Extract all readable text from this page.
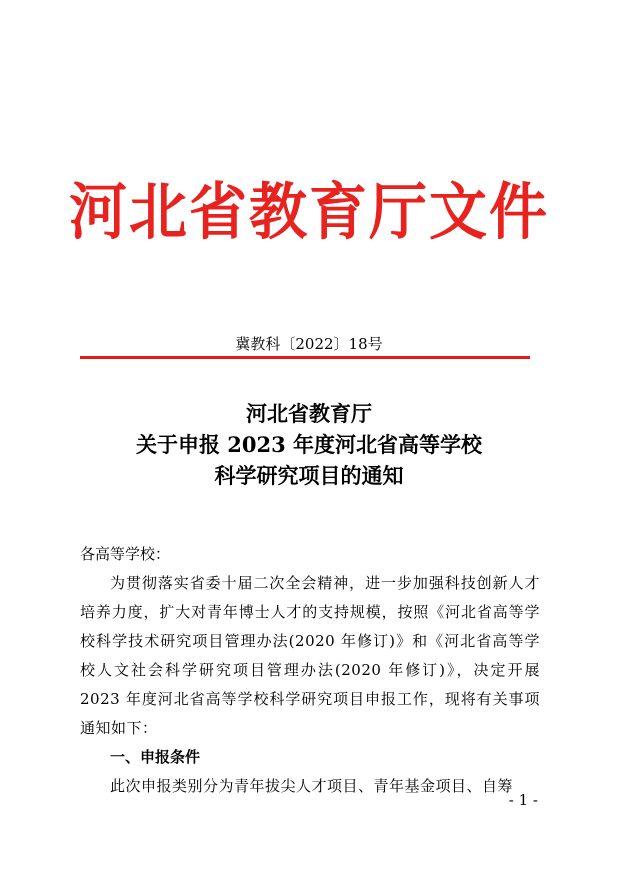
河北省教育厅文件
冀教科〔2022〕18号
河北省教育厅
关于申报 2023 年度河北省高等学校
科学研究项目的通知

各高等学校：

为贯彻落实省委十届二次全会精神，进一步加强科技创新人才培养力度，扩大对青年博士人才的支持规模，按照《河北省高等学校科学技术研究项目管理办法(2020 年修订)》和《河北省高等学校人文社会科学研究项目管理办法(2020 年修订)》，决定开展 2023 年度河北省高等学校科学研究项目申报工作，现将有关事项通知如下：

一、申报条件

此次申报类别分为青年拔尖人才项目、青年基金项目、自筹

- 1 -
